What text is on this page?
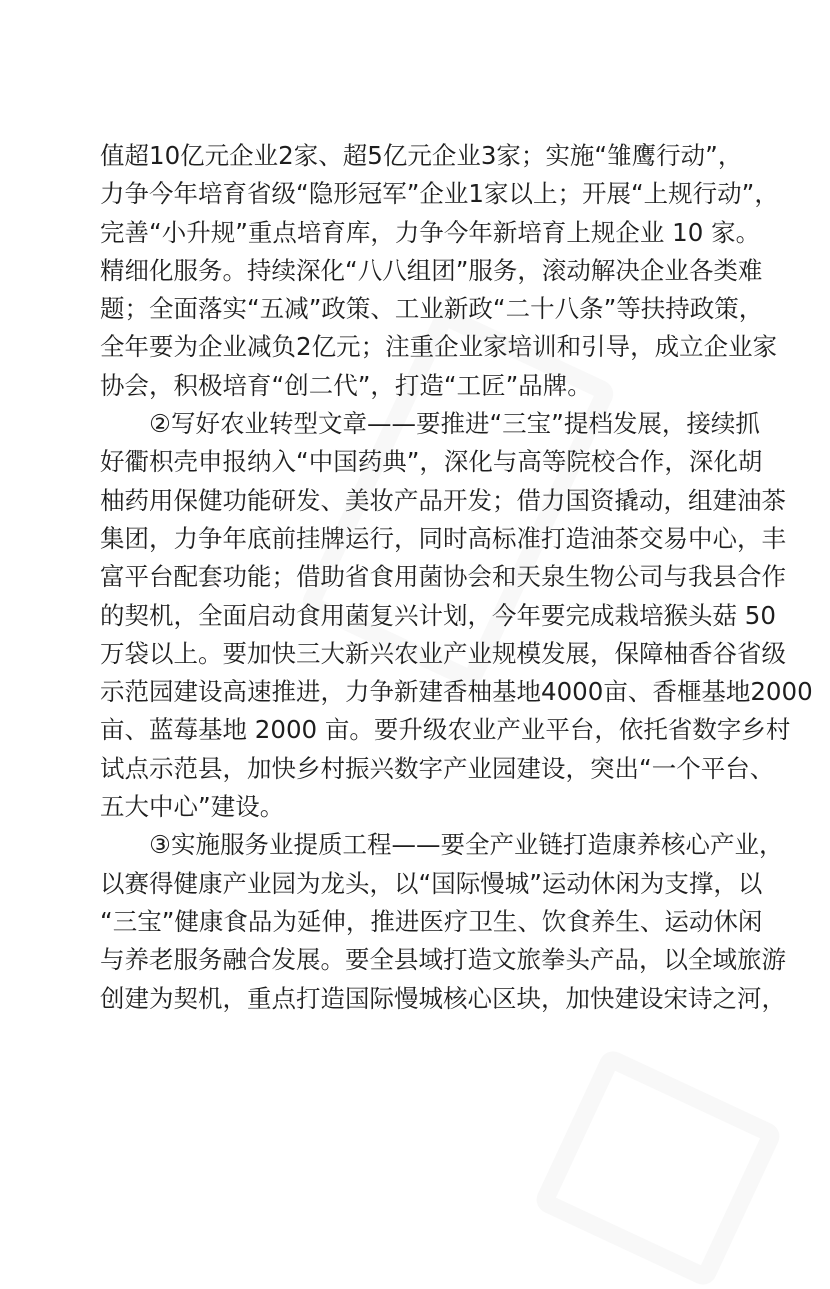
值超10亿元企业2家、超5亿元企业3家；实施“雏鹰行动”，
力争今年培育省级“隐形冠军”企业1家以上；开展“上规行动”，
完善“小升规”重点培育库，力争今年新培育上规企业 10 家。
精细化服务。持续深化“八八组团”服务，滚动解决企业各类难
题；全面落实“五减”政策、工业新政“二十八条”等扶持政策，
全年要为企业减负2亿元；注重企业家培训和引导，成立企业家
协会，积极培育“创二代”，打造“工匠”品牌。
②写好农业转型文章——要推进“三宝”提档发展，接续抓
好衢枳壳申报纳入“中国药典”，深化与高等院校合作，深化胡
柚药用保健功能研发、美妆产品开发；借力国资撬动，组建油茶
集团，力争年底前挂牌运行，同时高标准打造油茶交易中心，丰
富平台配套功能；借助省食用菌协会和天泉生物公司与我县合作
的契机，全面启动食用菌复兴计划，今年要完成栽培猴头菇 50
万袋以上。要加快三大新兴农业产业规模发展，保障柚香谷省级
示范园建设高速推进，力争新建香柚基地4000亩、香榧基地2000
亩、蓝莓基地 2000 亩。要升级农业产业平台，依托省数字乡村
试点示范县，加快乡村振兴数字产业园建设，突出“一个平台、
五大中心”建设。
③实施服务业提质工程——要全产业链打造康养核心产业，
以赛得健康产业园为龙头，以“国际慢城”运动休闲为支撑，以
“三宝”健康食品为延伸，推进医疗卫生、饮食养生、运动休闲
与养老服务融合发展。要全县域打造文旅拳头产品，以全域旅游
创建为契机，重点打造国际慢城核心区块，加快建设宋诗之河，
